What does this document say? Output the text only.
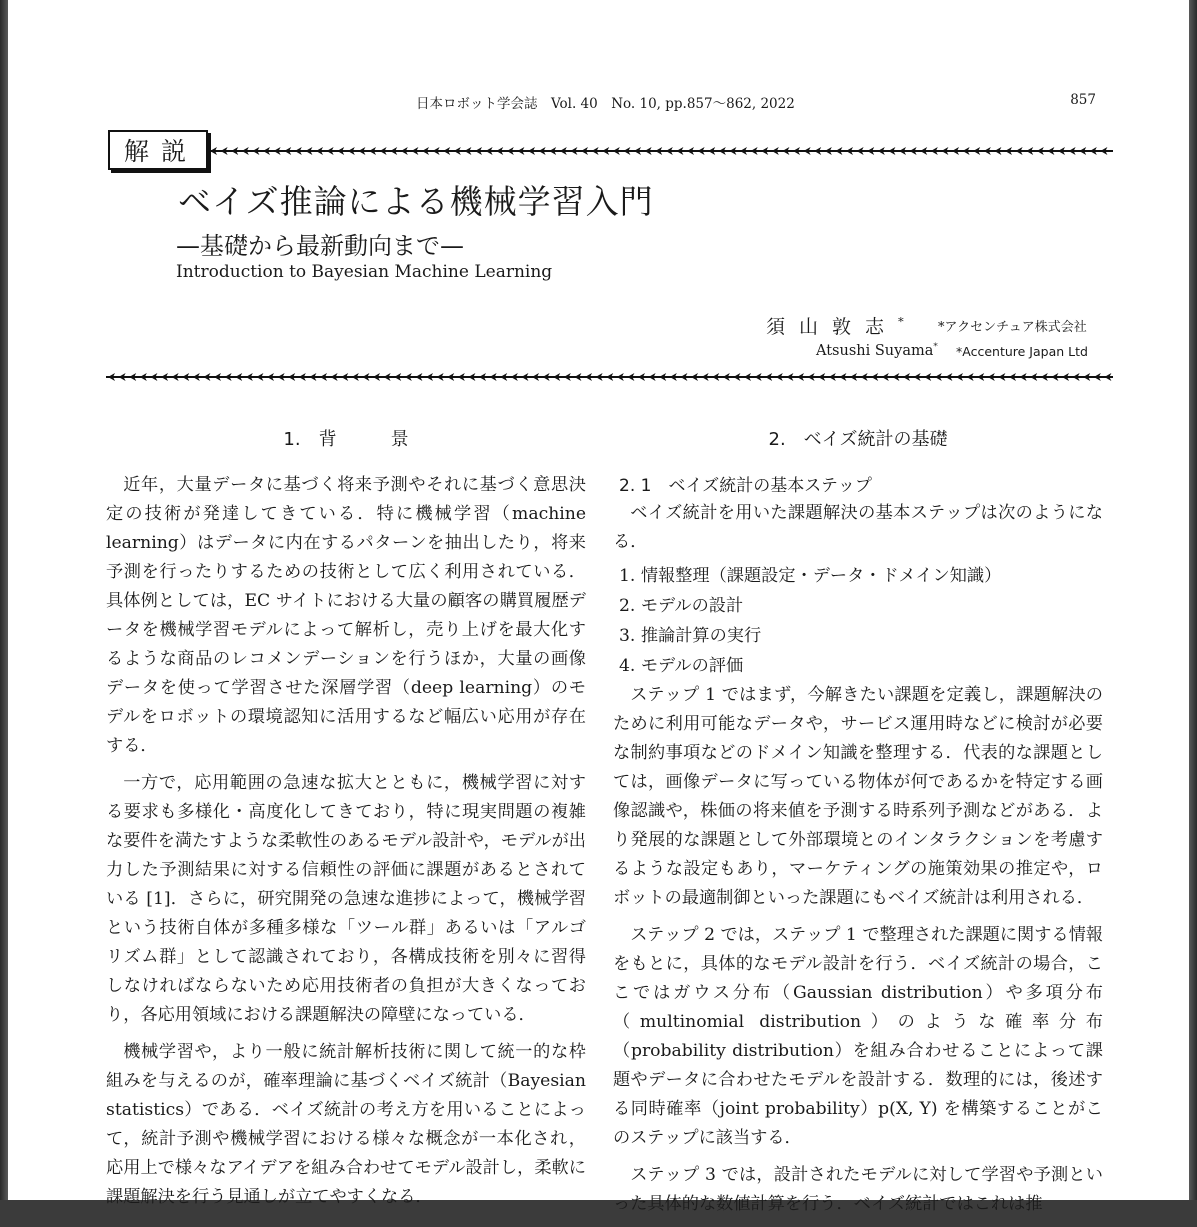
日本ロボット学会誌　Vol. 40　No. 10, pp.857～862, 2022	857
解説
ベイズ推論による機械学習入門
—基礎から最新動向まで—
Introduction to Bayesian Machine Learning
須山敦志* *アクセンチュア株式会社
Atsushi Suyama* *Accenture Japan Ltd
1.　背　　　景

近年，大量データに基づく将来予測やそれに基づく意思決定の技術が発達してきている．特に機械学習（machine learning）はデータに内在するパターンを抽出したり，将来予測を行ったりするための技術として広く利用されている．具体例としては，EC サイトにおける大量の顧客の購買履歴データを機械学習モデルによって解析し，売り上げを最大化するような商品のレコメンデーションを行うほか，大量の画像データを使って学習させた深層学習（deep learning）のモデルをロボットの環境認知に活用するなど幅広い応用が存在する．

一方で，応用範囲の急速な拡大とともに，機械学習に対する要求も多様化・高度化してきており，特に現実問題の複雑な要件を満たすような柔軟性のあるモデル設計や，モデルが出力した予測結果に対する信頼性の評価に課題があるとされている [1]．さらに，研究開発の急速な進捗によって，機械学習という技術自体が多種多様な「ツール群」あるいは「アルゴリズム群」として認識されており，各構成技術を別々に習得しなければならないため応用技術者の負担が大きくなっており，各応用領域における課題解決の障壁になっている．

機械学習や，より一般に統計解析技術に関して統一的な枠組みを与えるのが，確率理論に基づくベイズ統計（Bayesian statistics）である．ベイズ統計の考え方を用いることによって，統計予測や機械学習における様々な概念が一本化され，応用上で様々なアイデアを組み合わせてモデル設計し，柔軟に課題解決を行う見通しが立てやすくなる．

2.　ベイズ統計の基礎
2. 1　ベイズ統計の基本ステップ

ベイズ統計を用いた課題解決の基本ステップは次のようになる．

1. 情報整理（課題設定・データ・ドメイン知識）
2. モデルの設計
3. 推論計算の実行
4. モデルの評価

ステップ 1 ではまず，今解きたい課題を定義し，課題解決のために利用可能なデータや，サービス運用時などに検討が必要な制約事項などのドメイン知識を整理する．代表的な課題としては，画像データに写っている物体が何であるかを特定する画像認識や，株価の将来値を予測する時系列予測などがある．より発展的な課題として外部環境とのインタラクションを考慮するような設定もあり，マーケティングの施策効果の推定や，ロボットの最適制御といった課題にもベイズ統計は利用される．

ステップ 2 では，ステップ 1 で整理された課題に関する情報をもとに，具体的なモデル設計を行う．ベイズ統計の場合，ここではガウス分布（Gaussian distribution）や多項分布（multinomial distribution）のような確率分布（probability distribution）を組み合わせることによって課題やデータに合わせたモデルを設計する．数理的には，後述する同時確率（joint probability）p(X, Y) を構築することがこのステップに該当する．

ステップ 3 では，設計されたモデルに対して学習や予測といった具体的な数値計算を行う．ベイズ統計ではこれは推
